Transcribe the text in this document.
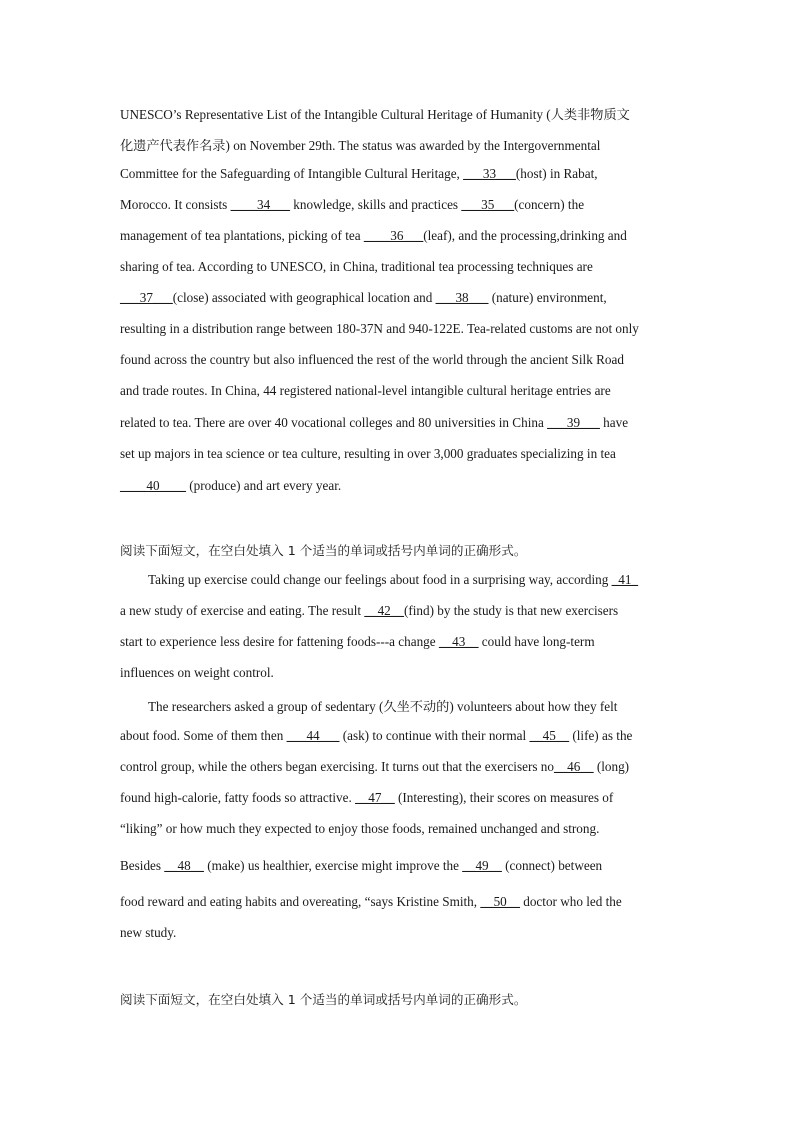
UNESCO’s Representative List of the Intangible Cultural Heritage of Humanity (人类非物质文
化遗产代表作名录) on November 29th. The status was awarded by the Intergovernmental
Committee for the Safeguarding of Intangible Cultural Heritage, ___33___(host) in Rabat,
Morocco. It consists ____34___ knowledge, skills and practices ___35___(concern) the
management of tea plantations, picking of tea ____36___(leaf), and the processing,drinking and
sharing of tea. According to UNESCO, in China, traditional tea processing techniques are
___37___(close) associated with geographical location and ___38___ (nature) environment,
resulting in a distribution range between 180-37N and 940-122E. Tea-related customs are not only
found across the country but also influenced the rest of the world through the ancient Silk Road
and trade routes. In China, 44 registered national-level intangible cultural heritage entries are
related to tea. There are over 40 vocational colleges and 80 universities in China ___39___ have
set up majors in tea science or tea culture, resulting in over 3,000 graduates specializing in tea
____40____ (produce) and art every year.
阅读下面短文，在空白处填入 1 个适当的单词或括号内单词的正确形式。
Taking up exercise could change our feelings about food in a surprising way, according _41_
a new study of exercise and eating. The result __42__(find) by the study is that new exercisers
start to experience less desire for fattening foods---a change __43__ could have long-term
influences on weight control.
The researchers asked a group of sedentary (久坐不动的) volunteers about how they felt
about food. Some of them then ___44___ (ask) to continue with their normal __45__ (life) as the
control group, while the others began exercising. It turns out that the exercisers no__46__ (long)
found high-calorie, fatty foods so attractive. __47__ (Interesting), their scores on measures of
“liking” or how much they expected to enjoy those foods, remained unchanged and strong.
Besides __48__ (make) us healthier, exercise might improve the __49__ (connect) between
food reward and eating habits and overeating, “says Kristine Smith, __50__ doctor who led the
new study.
阅读下面短文，在空白处填入 1 个适当的单词或括号内单词的正确形式。
